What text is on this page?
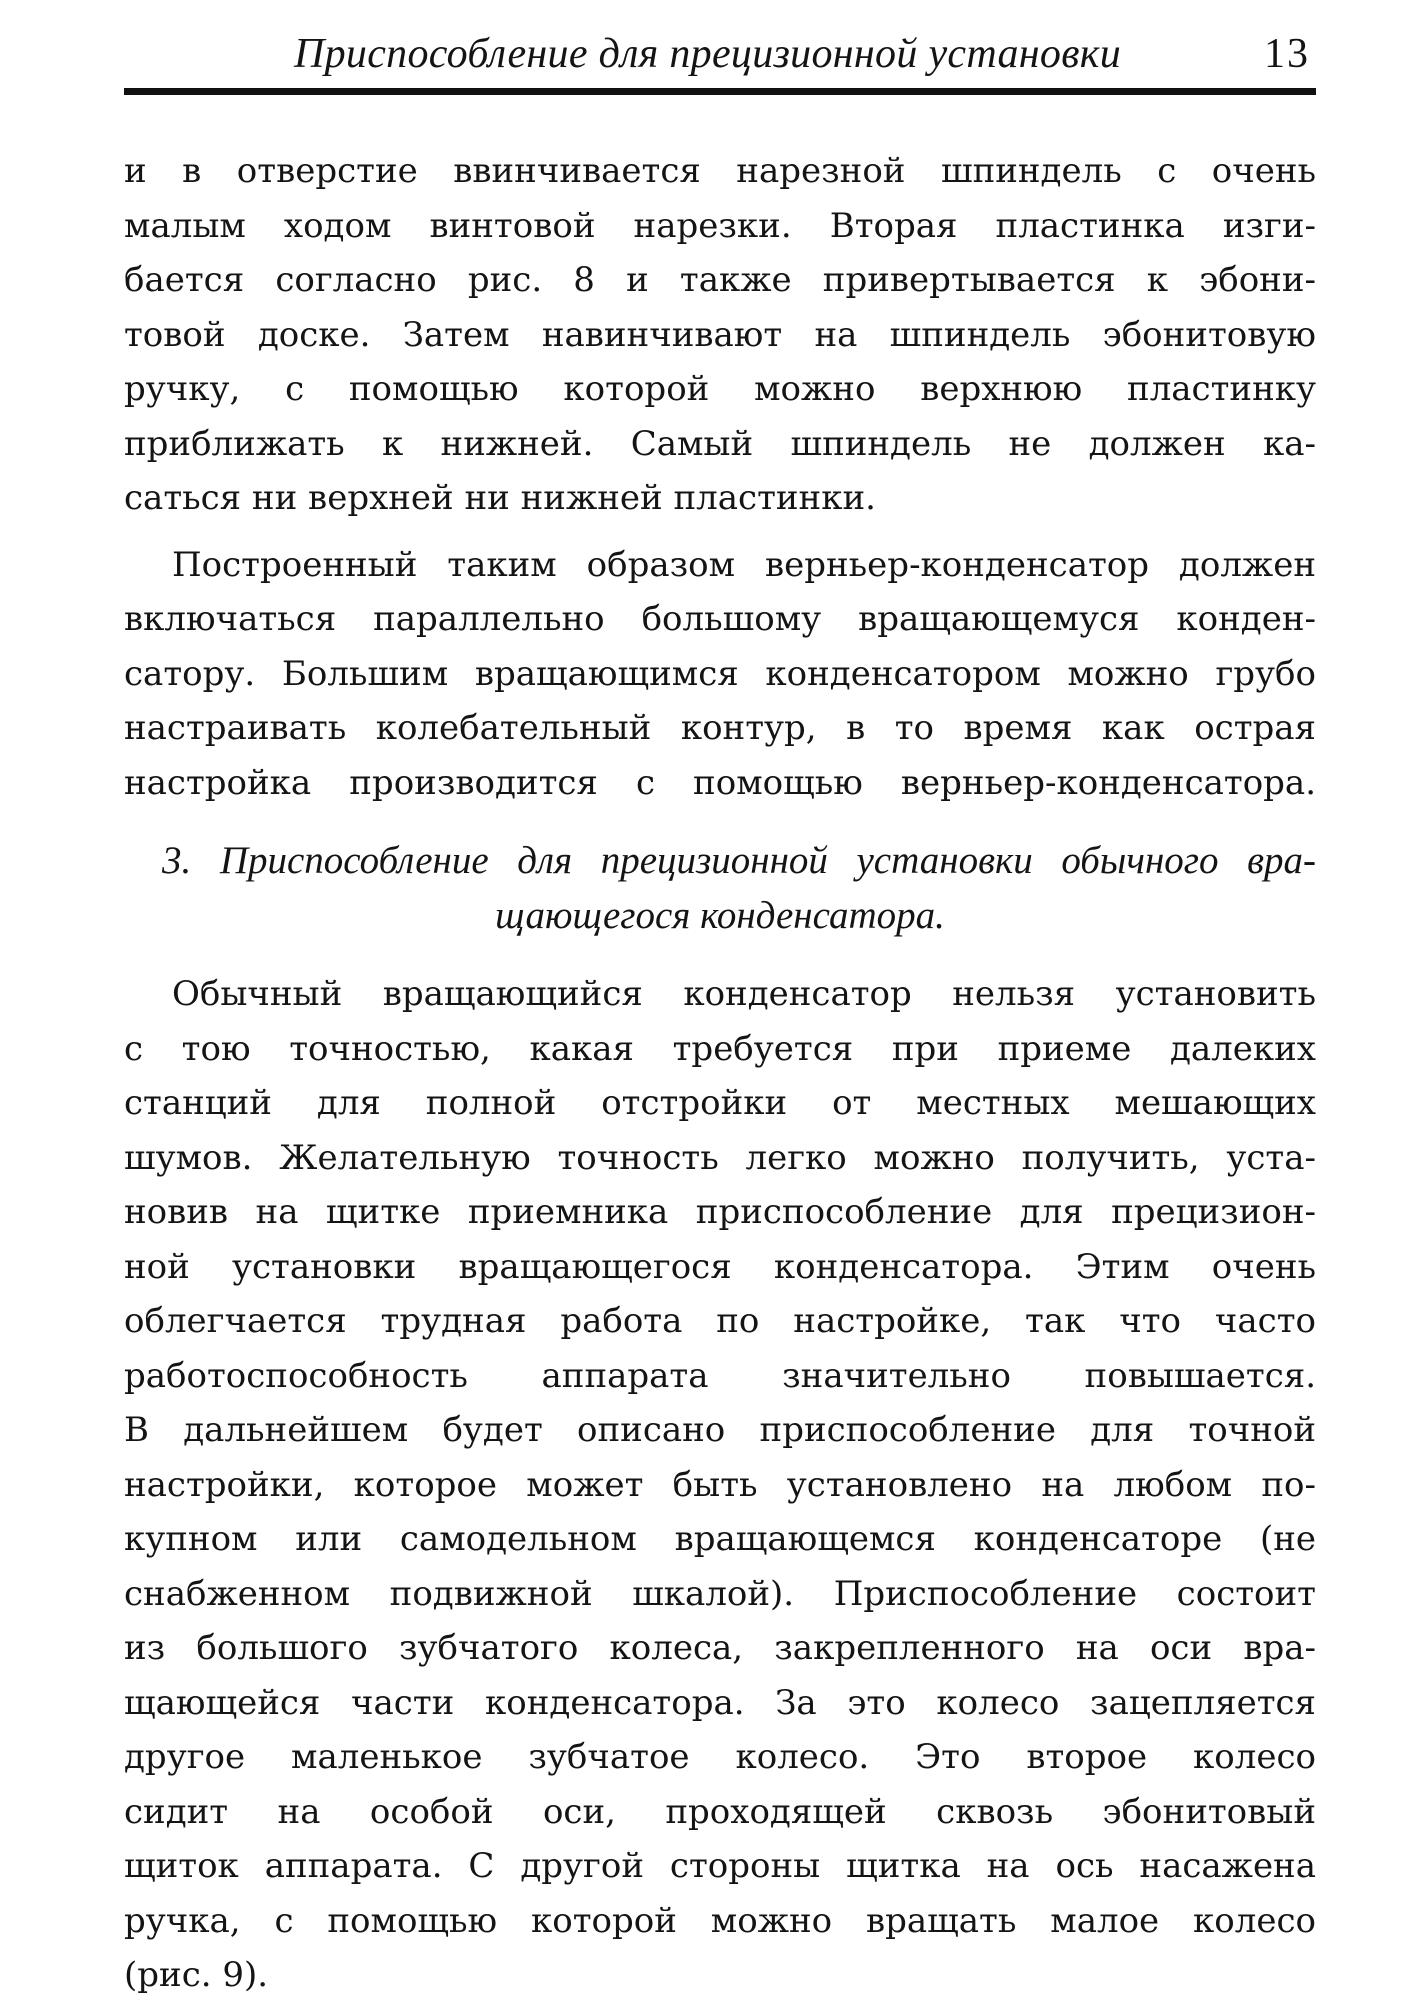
Приспособление для прецизионной установки	13

и в отверстие ввинчивается нарезной шпиндель с очень
малым ходом винтовой нарезки. Вторая пластинка изги-
бается согласно рис. 8 и также привертывается к эбони-
товой доске. Затем навинчивают на шпиндель эбонитовую
ручку, с помощью которой можно верхнюю пластинку
приближать к нижней. Самый шпиндель не должен ка-
саться ни верхней ни нижней пластинки.

Построенный таким образом верньер-конденсатор должен
включаться параллельно большому вращающемуся конден-
сатору. Большим вращающимся конденсатором можно грубо
настраивать колебательный контур, в то время как острая
настройка производится с помощью верньер-конденсатора.

3. Приспособление для прецизионной установки обычного вра-
щающегося конденсатора.

Обычный вращающийся конденсатор нельзя установить
с тою точностью, какая требуется при приеме далеких
станций для полной отстройки от местных мешающих
шумов. Желательную точность легко можно получить, уста-
новив на щитке приемника приспособление для прецизион-
ной установки вращающегося конденсатора. Этим очень
облегчается трудная работа по настройке, так что часто
работоспособность аппарата значительно повышается.
В дальнейшем будет описано приспособление для точной
настройки, которое может быть установлено на любом по-
купном или самодельном вращающемся конденсаторе (не
снабженном подвижной шкалой). Приспособление состоит
из большого зубчатого колеса, закрепленного на оси вра-
щающейся части конденсатора. За это колесо зацепляется
другое маленькое зубчатое колесо. Это второе колесо
сидит на особой оси, проходящей сквозь эбонитовый
щиток аппарата. С другой стороны щитка на ось насажена
ручка, с помощью которой можно вращать малое колесо
(рис. 9).
